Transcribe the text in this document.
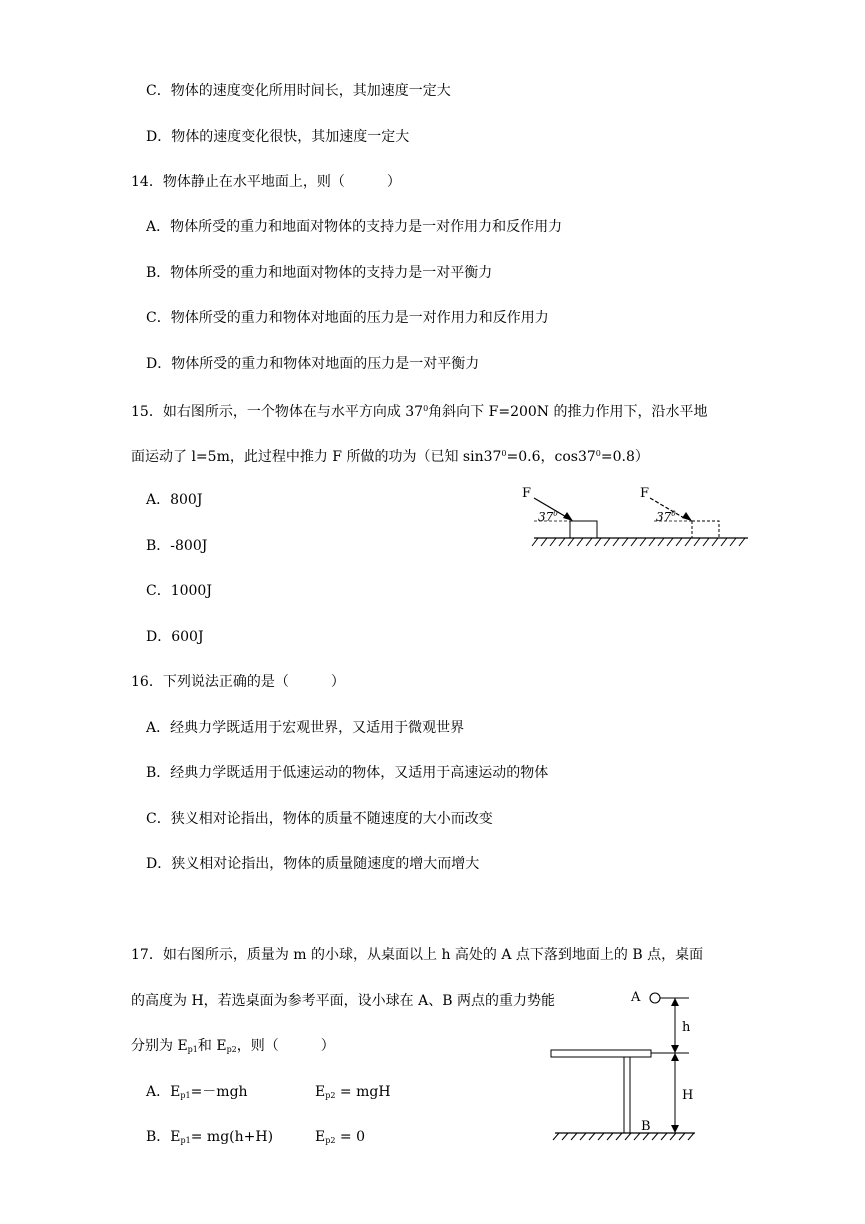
C．物体的速度变化所用时间长，其加速度一定大
D．物体的速度变化很快，其加速度一定大
14．物体静止在水平地面上，则（　　　）
A．物体所受的重力和地面对物体的支持力是一对作用力和反作用力
B．物体所受的重力和地面对物体的支持力是一对平衡力
C．物体所受的重力和物体对地面的压力是一对作用力和反作用力
D．物体所受的重力和物体对地面的压力是一对平衡力
15．如右图所示，一个物体在与水平方向成 $37^0$角斜向下 F=200N 的推力作用下，沿水平地
面运动了 l=5m，此过程中推力 F 所做的功为（已知 $\sin 37^0=0.6$，$\cos 37^0=0.8$）
A．800J
B．-800J
C．1000J
D．600J
F
$37^0$
F
$37^0$
16．下列说法正确的是（　　　）
A．经典力学既适用于宏观世界，又适用于微观世界
B．经典力学既适用于低速运动的物体，又适用于高速运动的物体
C．狭义相对论指出，物体的质量不随速度的大小而改变
D．狭义相对论指出，物体的质量随速度的增大而增大
17．如右图所示，质量为 m 的小球，从桌面以上 h 高处的 A 点下落到地面上的 B 点，桌面
的高度为 H，若选桌面为参考平面，设小球在 A、B 两点的重力势能
分别为 $E_{p1}$和 $E_{p2}$，则（　　　）
A．$E_{p1}=-mgh$	$E_{p2}$ = mgH
B．$E_{p1}= mg(h+H)$	$E_{p2} = 0$
A
h
H
B
